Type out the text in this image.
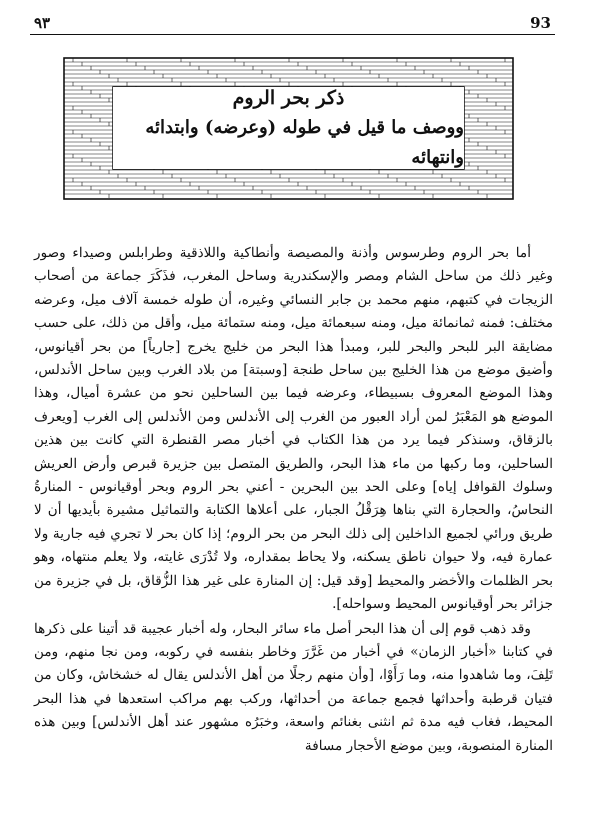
٩٣	93
ذكر بحر الروم
ووصف ما قيل في طوله (وعرضه) وابتدائه وانتهائه

أما بحر الروم وطرسوس وأذنة والمصيصة وأنطاكية واللاذقية وطرابلس وصيداء وصور وغير ذلك من ساحل الشام ومصر والإسكندرية وساحل المغرب، فذَكَرَ جماعة من أصحاب الزيجات في كتبهم، منهم محمد بن جابر النسائي وغيره، أن طوله خمسة آلاف ميل، وعرضه مختلف: فمنه ثمانمائة ميل، ومنه سبعمائة ميل، ومنه ستمائة ميل، وأقل من ذلك، على حسب مضايقة البر للبحر والبحر للبر، ومبدأ هذا البحر من خليج يخرج [جارياً] من بحر أقيانوس، وأضيق موضع من هذا الخليج بين ساحل طنجة [وسبتة] من بلاد الغرب وبين ساحل الأندلس، وهذا الموضع المعروف بسبيطاء، وعرضه فيما بين الساحلين نحو من عشرة أميال، وهذا الموضع هو المَعْبَرُ لمن أراد العبور من الغرب إلى الأندلس ومن الأندلس إلى الغرب [ويعرف بالزقاق، وسنذكر فيما يرد من هذا الكتاب في أخبار مصر القنطرة التي كانت بين هذين الساحلين، وما ركبها من ماء هذا البحر، والطريق المتصل بين جزيرة قبرص وأرض العريش وسلوك القوافل إياه] وعلى الحد بين البحرين - أعني بحر الروم وبحر أوقيانوس - المنارةُ النحاسُ، والحجارة التي بناها هِرَقْلُ الجبار، على أعلاها الكتابة والتماثيل مشيرة بأيديها أن لا طريق ورائي لجميع الداخلين إلى ذلك البحر من بحر الروم؛ إذا كان بحر لا تجري فيه جارية ولا عمارة فيه، ولا حيوان ناطق يسكنه، ولا يحاط بمقداره، ولا تُدْرَى غايته، ولا يعلم منتهاه، وهو بحر الظلمات والأخضر والمحيط [وقد قيل: إن المنارة على غير هذا الزُّقاق، بل في جزيرة من جزائر بحر أوقيانوس المحيط وسواحله].

وقد ذهب قوم إلى أن هذا البحر أصل ماء سائر البحار، وله أخبار عجيبة قد أتينا على ذكرها في كتابنا «أخبار الزمان» في أخبار من غَرَّرَ وخاطر بنفسه في ركوبه، ومن نجا منهم، ومن تَلِفَ، وما شاهدوا منه، وما رَأَوْا، [وأن منهم رجلًا من أهل الأندلس يقال له خشخاش، وكان من فتيان قرطبة وأحداثها فجمع جماعة من أحداثها، وركب بهم مراكب استعدها في هذا البحر المحيط، فغاب فيه مدة ثم انثنى بغنائم واسعة، وخبَرُه مشهور عند أهل الأندلس] وبين هذه المنارة المنصوبة، وبين موضع الأحجار مسافة
